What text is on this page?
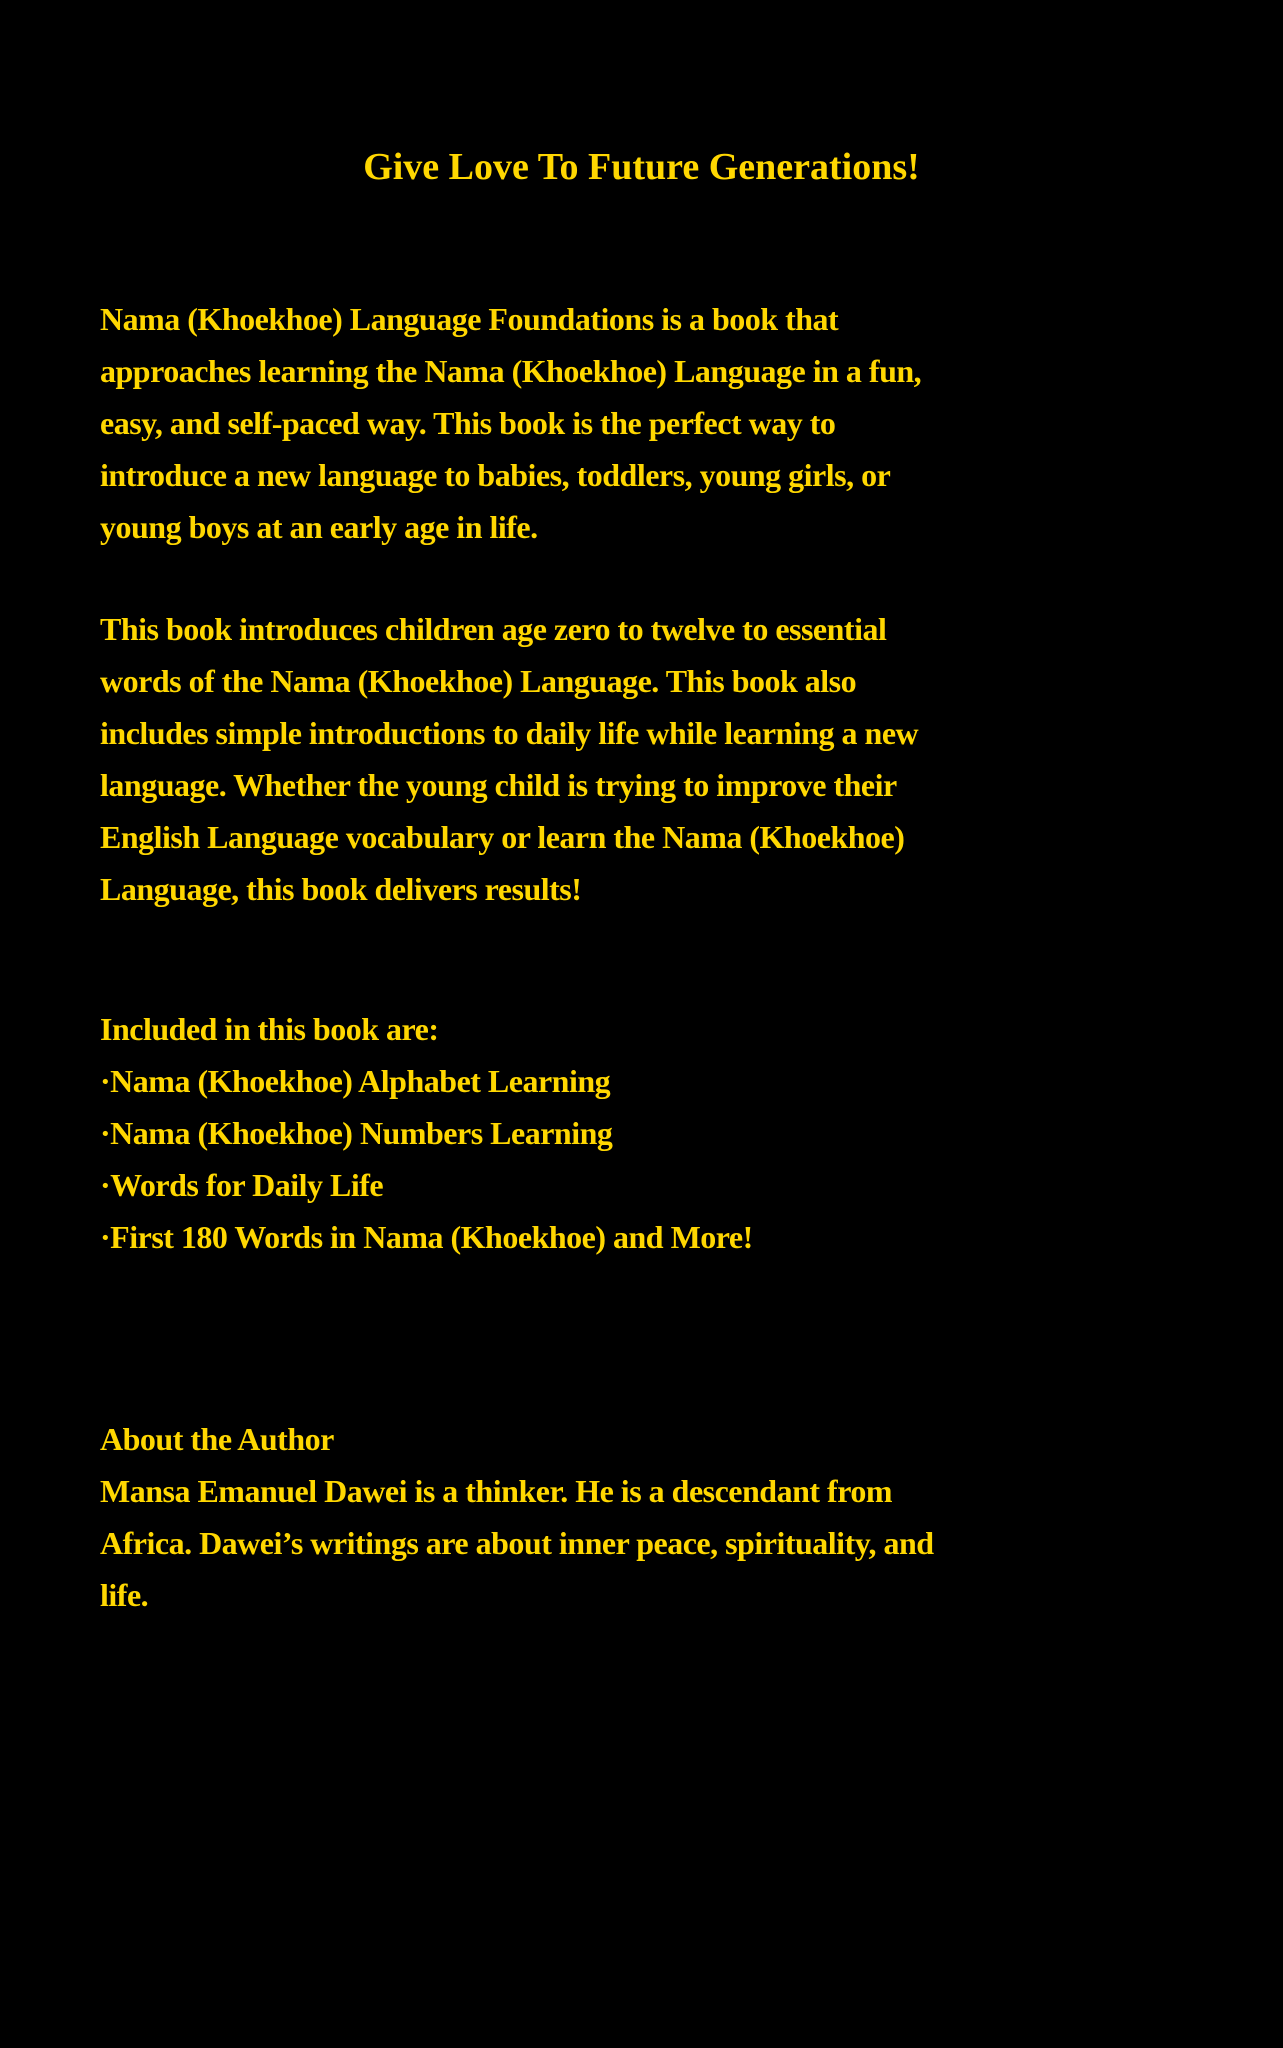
Give Love To Future Generations!
Nama (Khoekhoe) Language Foundations is a book that
approaches learning the Nama (Khoekhoe) Language in a fun,
easy, and self-paced way. This book is the perfect way to
introduce a new language to babies, toddlers, young girls, or
young boys at an early age in life.
This book introduces children age zero to twelve to essential
words of the Nama (Khoekhoe) Language. This book also
includes simple introductions to daily life while learning a new
language. Whether the young child is trying to improve their
English Language vocabulary or learn the Nama (Khoekhoe)
Language, this book delivers results!
Included in this book are:
·Nama (Khoekhoe) Alphabet Learning
·Nama (Khoekhoe) Numbers Learning
·Words for Daily Life
·First 180 Words in Nama (Khoekhoe) and More!
About the Author
Mansa Emanuel Dawei is a thinker. He is a descendant from
Africa. Dawei’s writings are about inner peace, spirituality, and
life.
